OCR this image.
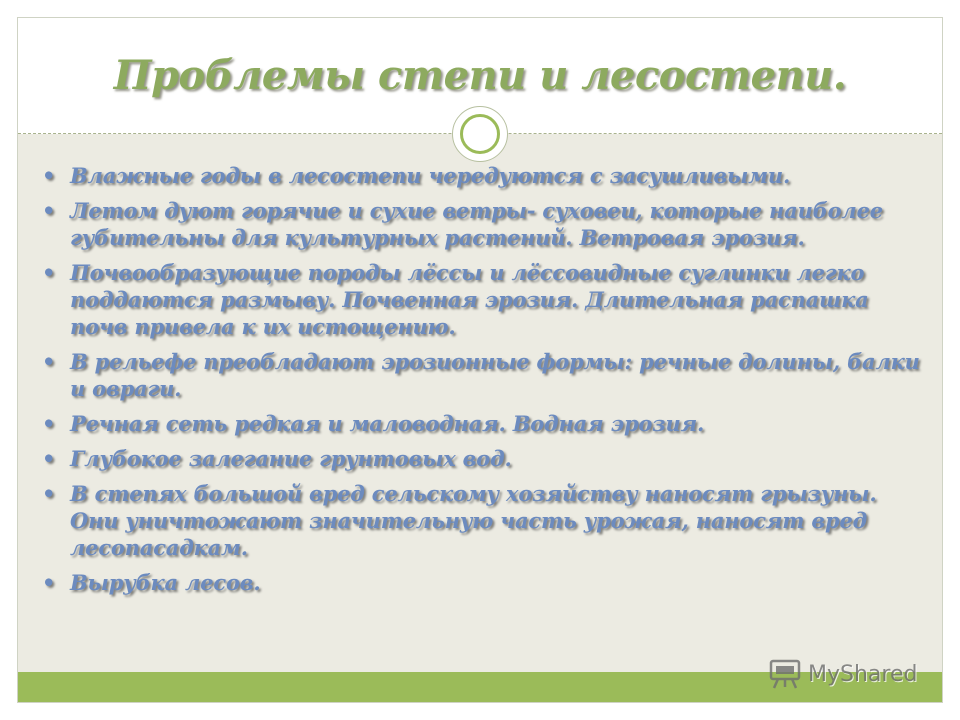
Проблемы степи и лесостепи.
• Влажные годы в лесостепи чередуются с засушливыми.
• Летом дуют горячие и сухие ветры- суховеи, которые наиболее губительны для культурных растений. Ветровая эрозия.
• Почвообразующие породы лёссы и лёссовидные суглинки легко поддаются размыву. Почвенная эрозия. Длительная распашка почв привела к их истощению.
• В рельефе преобладают эрозионные формы: речные долины, балки и овраги.
• Речная сеть редкая и маловодная. Водная эрозия.
• Глубокое залегание грунтовых вод.
• В степях большой вред сельскому хозяйству наносят грызуны. Они уничтожают значительную часть урожая, наносят вред лесопасадкам.
• Вырубка лесов.
MyShared
